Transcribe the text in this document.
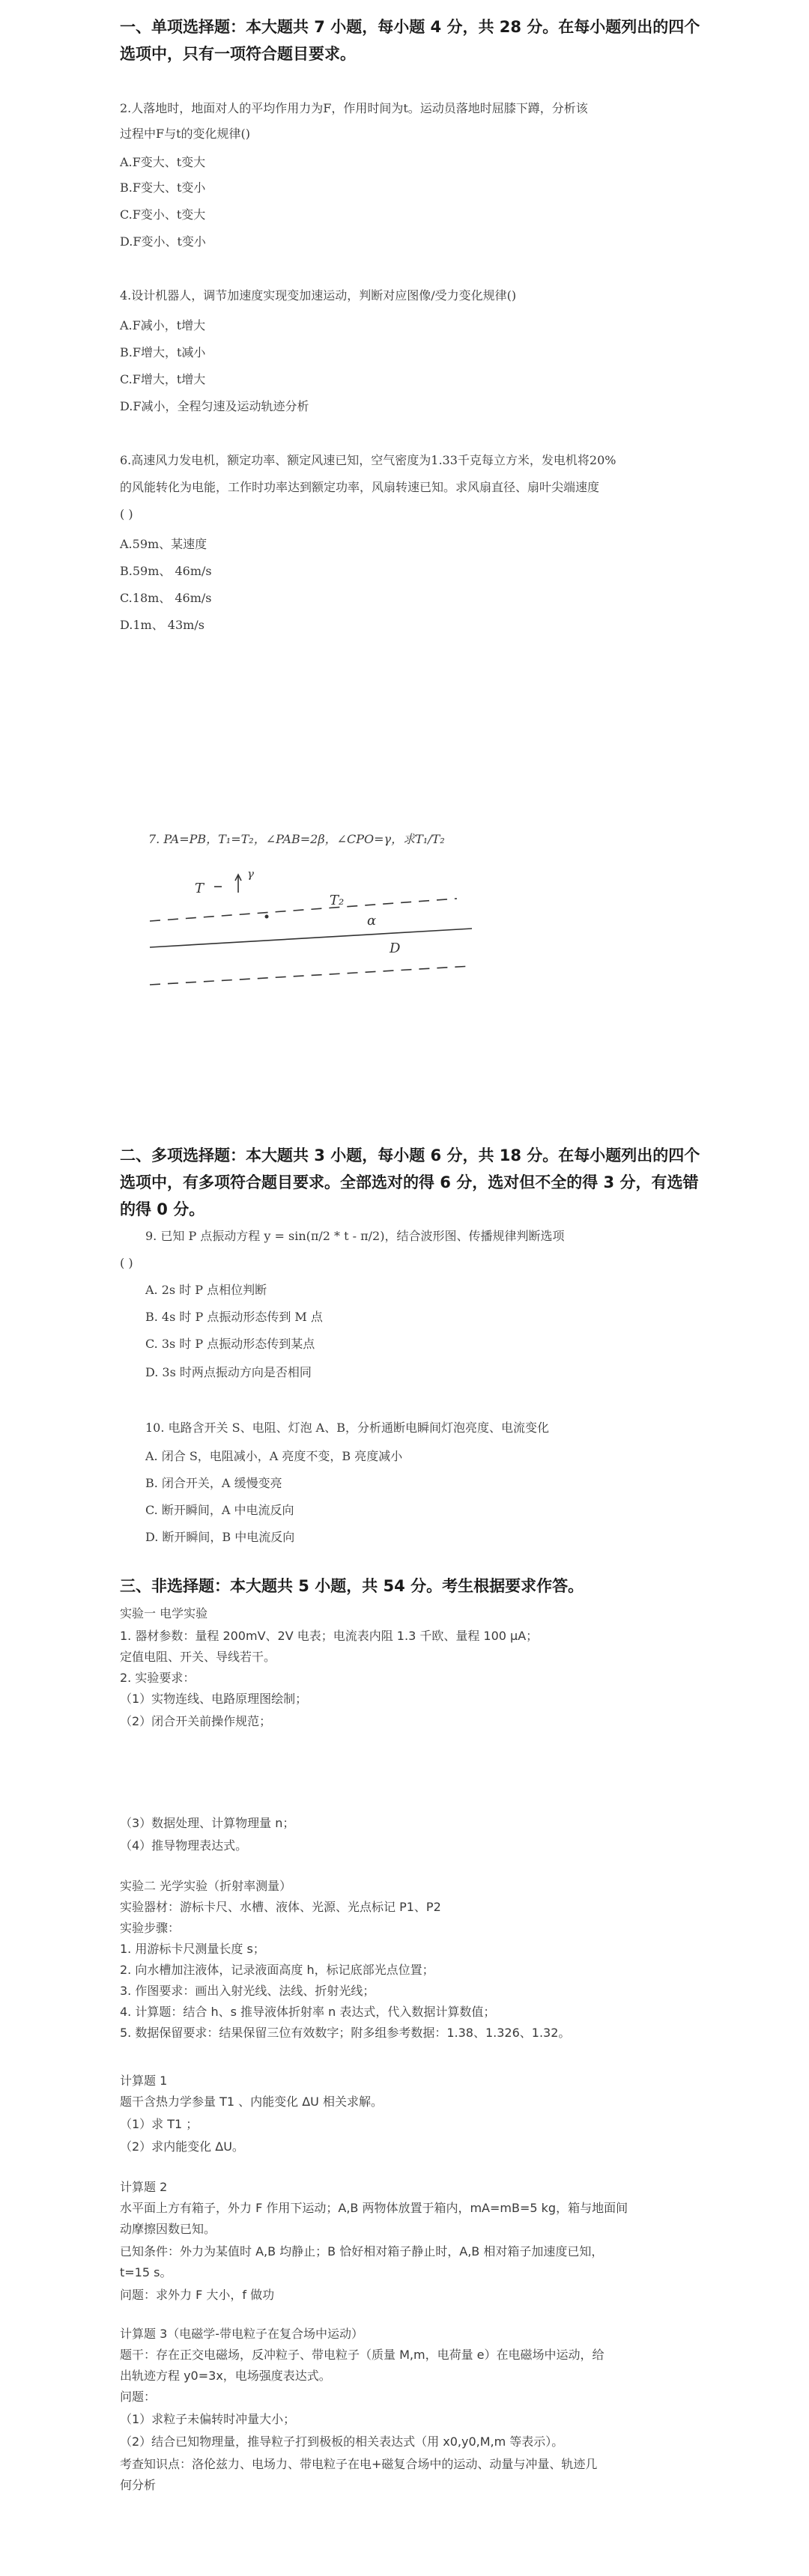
一、单项选择题：本大题共 7 小题，每小题 4 分，共 28 分。在每小题列出的四个选项中，只有一项符合题目要求。
2.人落地时，地面对人的平均作用力为F，作用时间为t。运动员落地时屈膝下蹲，分析该
过程中F与t的变化规律()
A.F变大、t变大
B.F变大、t变小
C.F变小、t变大
D.F变小、t变小
4.设计机器人，调节加速度实现变加速运动，判断对应图像/受力变化规律()
A.F减小，t增大
B.F增大，t减小
C.F增大，t增大
D.F减小，全程匀速及运动轨迹分析
6.高速风力发电机，额定功率、额定风速已知，空气密度为1.33千克每立方米，发电机将20%
的风能转化为电能，工作时功率达到额定功率，风扇转速已知。求风扇直径、扇叶尖端速度
( )
A.59m、某速度
B.59m、 46m/s
C.18m、 46m/s
D.1m、 43m/s
7. PA=PB，T₁=T₂，∠PAB=2β，∠CPO=γ，求T₁/T₂
T
γ
T₂
α
D
二、多项选择题：本大题共 3 小题，每小题 6 分，共 18 分。在每小题列出的四个选项中，有多项符合题目要求。全部选对的得 6 分，选对但不全的得 3 分，有选错的得 0 分。
9. 已知 P 点振动方程 y = sin(π/2 * t - π/2)，结合波形图、传播规律判断选项
( )
A. 2s 时 P 点相位判断
B. 4s 时 P 点振动形态传到 M 点
C. 3s 时 P 点振动形态传到某点
D. 3s 时两点振动方向是否相同
10. 电路含开关 S、电阻、灯泡 A、B，分析通断电瞬间灯泡亮度、电流变化
A. 闭合 S，电阻减小，A 亮度不变，B 亮度减小
B. 闭合开关，A 缓慢变亮
C. 断开瞬间，A 中电流反向
D. 断开瞬间，B 中电流反向
三、非选择题：本大题共 5 小题，共 54 分。考生根据要求作答。
实验一 电学实验
1. 器材参数：量程 200mV、2V 电表；电流表内阻 1.3 千欧、量程 100 μA；
定值电阻、开关、导线若干。
2. 实验要求：
（1）实物连线、电路原理图绘制；
（2）闭合开关前操作规范；
（3）数据处理、计算物理量 n；
（4）推导物理表达式。
实验二 光学实验（折射率测量）
实验器材：游标卡尺、水槽、液体、光源、光点标记 P1、P2
实验步骤：
1. 用游标卡尺测量长度 s；
2. 向水槽加注液体，记录液面高度 h，标记底部光点位置；
3. 作图要求：画出入射光线、法线、折射光线；
4. 计算题：结合 h、s 推导液体折射率 n 表达式，代入数据计算数值；
5. 数据保留要求：结果保留三位有效数字；附多组参考数据：1.38、1.326、1.32。
计算题 1
题干含热力学参量 T1 、内能变化 ΔU 相关求解。
（1）求 T1 ；
（2）求内能变化 ΔU。
计算题 2
水平面上方有箱子，外力 F 作用下运动；A,B 两物体放置于箱内，mA=mB=5 kg，箱与地面间
动摩擦因数已知。
已知条件：外力为某值时 A,B 均静止；B 恰好相对箱子静止时，A,B 相对箱子加速度已知，
t=15 s。
问题：求外力 F 大小，f 做功
计算题 3（电磁学-带电粒子在复合场中运动）
题干：存在正交电磁场，反冲粒子、带电粒子（质量 M,m，电荷量 e）在电磁场中运动，给
出轨迹方程 y0=3x，电场强度表达式。
问题：
（1）求粒子未偏转时冲量大小；
（2）结合已知物理量，推导粒子打到极板的相关表达式（用 x0,y0,M,m 等表示）。
考查知识点：洛伦兹力、电场力、带电粒子在电+磁复合场中的运动、动量与冲量、轨迹几
何分析
